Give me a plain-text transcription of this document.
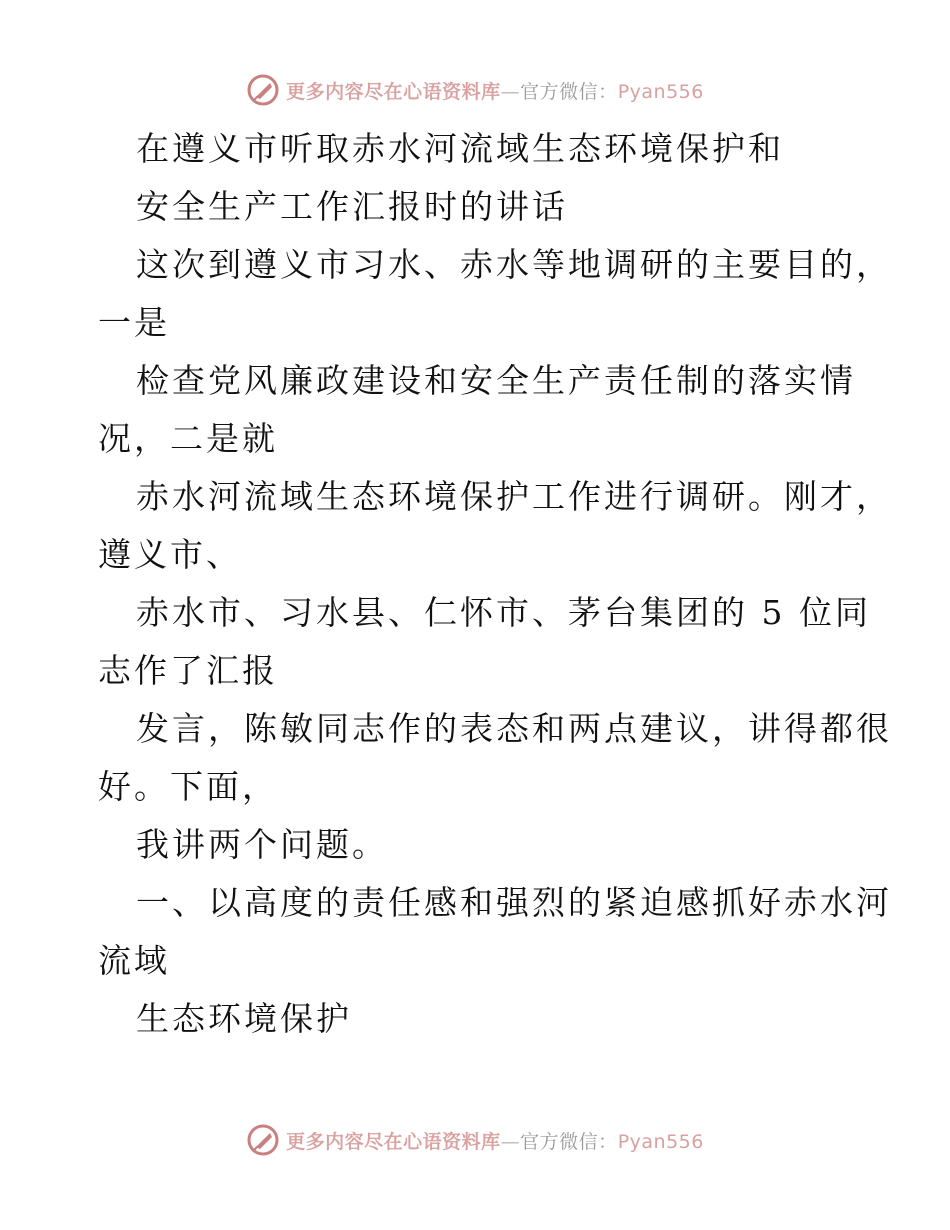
更多内容尽在心语资料库—官方微信：Pyan556
在遵义市听取赤水河流域生态环境保护和
安全生产工作汇报时的讲话
这次到遵义市习水、赤水等地调研的主要目的，
一是
检查党风廉政建设和安全生产责任制的落实情
况，二是就
赤水河流域生态环境保护工作进行调研。刚才，
遵义市、
赤水市、习水县、仁怀市、茅台集团的 5 位同
志作了汇报
发言，陈敏同志作的表态和两点建议，讲得都很
好。下面，
我讲两个问题。
一、以高度的责任感和强烈的紧迫感抓好赤水河
流域
生态环境保护
更多内容尽在心语资料库—官方微信：Pyan556
